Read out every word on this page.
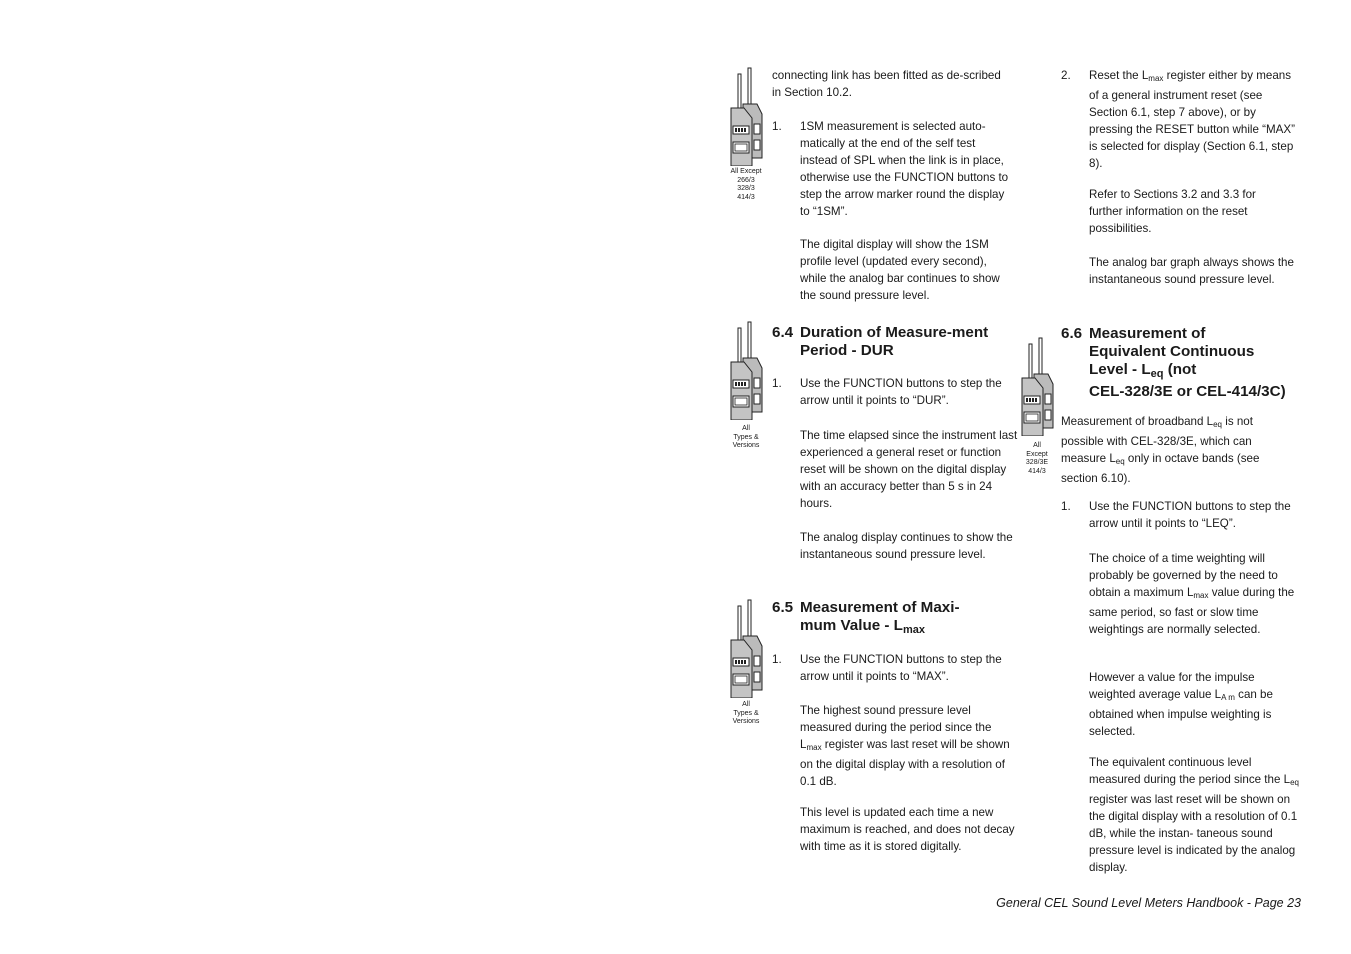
All Except
266/3
328/3
414/3

connecting link has been fitted as de-scribed in Section 10.2.

1. 1SM measurement is selected auto-matically at the end of the self test instead of SPL when the link is in place, otherwise use the FUNCTION buttons to step the arrow marker round the display to “1SM”.

The digital display will show the 1SM profile level (updated every second), while the analog bar continues to show the sound pressure level.

6.4 Duration of Measure-ment Period - DUR
All
Types &
Versions
1. Use the FUNCTION buttons to step the arrow until it points to “DUR”.

The time elapsed since the instrument last experienced a general reset or function reset will be shown on the digital display with an accuracy better than 5 s in 24 hours.

The analog display continues to show the instantaneous sound pressure level.

6.5 Measurement of Maxi-
mum Value - Lmax
All
Types &
Versions
1. Use the FUNCTION buttons to step the arrow until it points to “MAX”.

The highest sound pressure level measured during the period since the $L_{max}$ register was last reset will be shown on the digital display with a resolution of 0.1 dB.

This level is updated each time a new maximum is reached, and does not decay with time as it is stored digitally.

2. Reset the $L_{max}$ register either by means of a general instrument reset (see Section 6.1, step 7 above), or by pressing the RESET button while “MAX” is selected for display (Section 6.1, step 8).

Refer to Sections 3.2 and 3.3 for further information on the reset possibilities.

The analog bar graph always shows the instantaneous sound pressure level.

6.6 Measurement of
Equivalent Continuous
Level - Leq (not
CEL-328/3E or CEL-414/3C)
All
Except
328/3E
414/3

Measurement of broadband $L_{eq}$ is not possible with CEL-328/3E, which can measure $L_{eq}$ only in octave bands (see section 6.10).

1. Use the FUNCTION buttons to step the arrow until it points to “LEQ”.

The choice of a time weighting will probably be governed by the need to obtain a maximum $L_{max}$ value during the same period, so fast or slow time weightings are normally selected.

However a value for the impulse weighted average value $L_{A m}$ can be obtained when impulse weighting is selected.

The equivalent continuous level measured during the period since the $L_{eq}$ register was last reset will be shown on the digital display with a resolution of 0.1 dB, while the instan- taneous sound pressure level is indicated by the analog display.

General CEL Sound Level Meters Handbook - Page 23
